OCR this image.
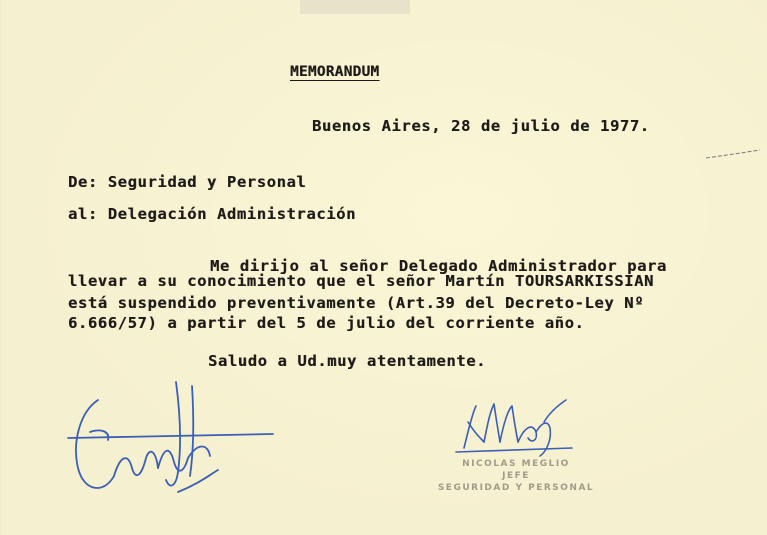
MEMORANDUM
Buenos Aires, 28 de julio de 1977.
De: Seguridad y Personal
al: Delegación Administración
Me dirijo al señor Delegado Administrador para
llevar a su conocimiento que el señor Martín TOURSARKISSIAN
está suspendido preventivamente (Art.39 del Decreto-Ley Nº
6.666/57) a partir del 5 de julio del corriente año.
Saludo a Ud.muy atentamente.
NICOLAS MEGLIO
JEFE
SEGURIDAD Y PERSONAL
